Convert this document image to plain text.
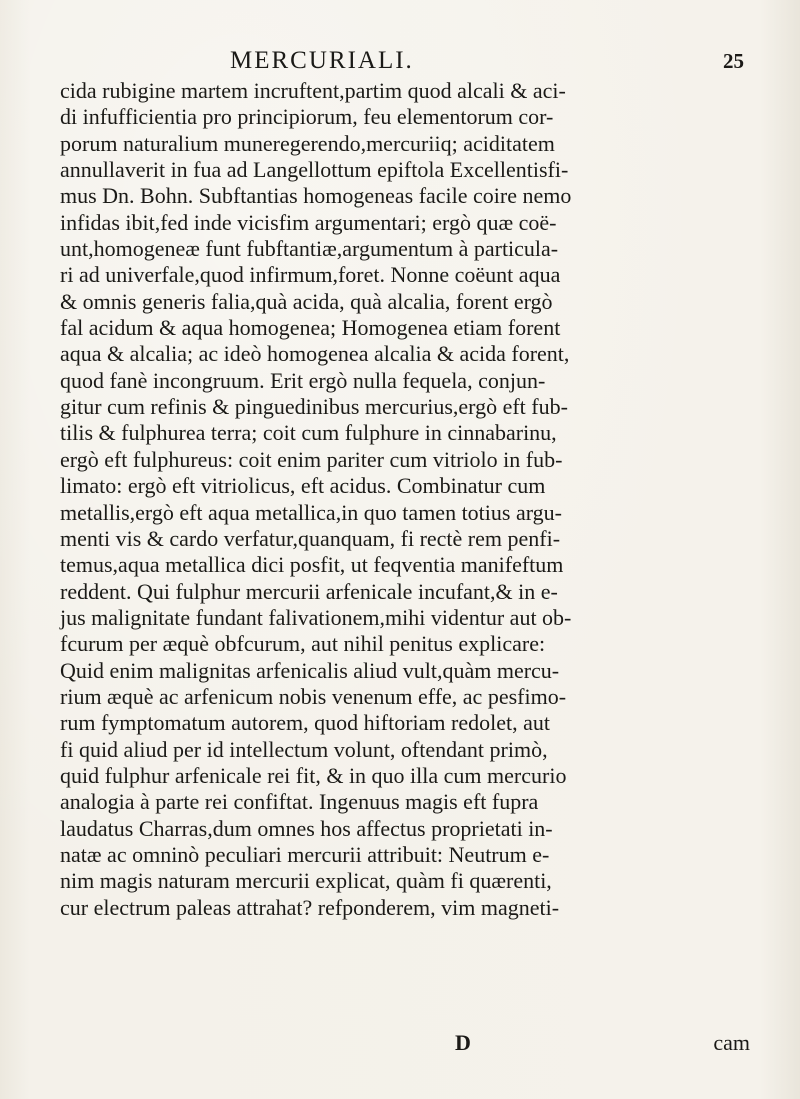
MERCURIALI.	25
cida rubigine martem incruftent,partim quod alcali & aci-
di infufficientia pro principiorum, feu elementorum cor-
porum naturalium muneregerendo,mercuriiq; aciditatem
annullaverit in fua ad Langellottum epiftola Excellentisfi-
mus Dn. Bohn. Subftantias homogeneas facile coire nemo
infidas ibit,fed inde vicisfim argumentari; ergò quæ coë-
unt,homogeneæ funt fubftantiæ,argumentum à particula-
ri ad univerfale,quod infirmum,foret. Nonne coëunt aqua
& omnis generis falia,quà acida, quà alcalia, forent ergò
fal acidum & aqua homogenea; Homogenea etiam forent
aqua & alcalia; ac ideò homogenea alcalia & acida forent,
quod fanè incongruum. Erit ergò nulla fequela, conjun-
gitur cum refinis & pinguedinibus mercurius,ergò eft fub-
tilis & fulphurea terra; coit cum fulphure in cinnabarinu,
ergò eft fulphureus: coit enim pariter cum vitriolo in fub-
limato: ergò eft vitriolicus, eft acidus. Combinatur cum
metallis,ergò eft aqua metallica,in quo tamen totius argu-
menti vis & cardo verfatur,quanquam, fi rectè rem penfi-
temus,aqua metallica dici posfit, ut feqventia manifeftum
reddent. Qui fulphur mercurii arfenicale incufant,& in e-
jus malignitate fundant falivationem,mihi videntur aut ob-
fcurum per æquè obfcurum, aut nihil penitus explicare:
Quid enim malignitas arfenicalis aliud vult,quàm mercu-
rium æquè ac arfenicum nobis venenum effe, ac pesfimo-
rum fymptomatum autorem, quod hiftoriam redolet, aut
fi quid aliud per id intellectum volunt, oftendant primò,
quid fulphur arfenicale rei fit, & in quo illa cum mercurio
analogia à parte rei confiftat. Ingenuus magis eft fupra
laudatus Charras,dum omnes hos affectus proprietati in-
natæ ac omninò peculiari mercurii attribuit: Neutrum e-
nim magis naturam mercurii explicat, quàm fi quærenti,
cur electrum paleas attrahat? refponderem, vim magneti-
D	cam
